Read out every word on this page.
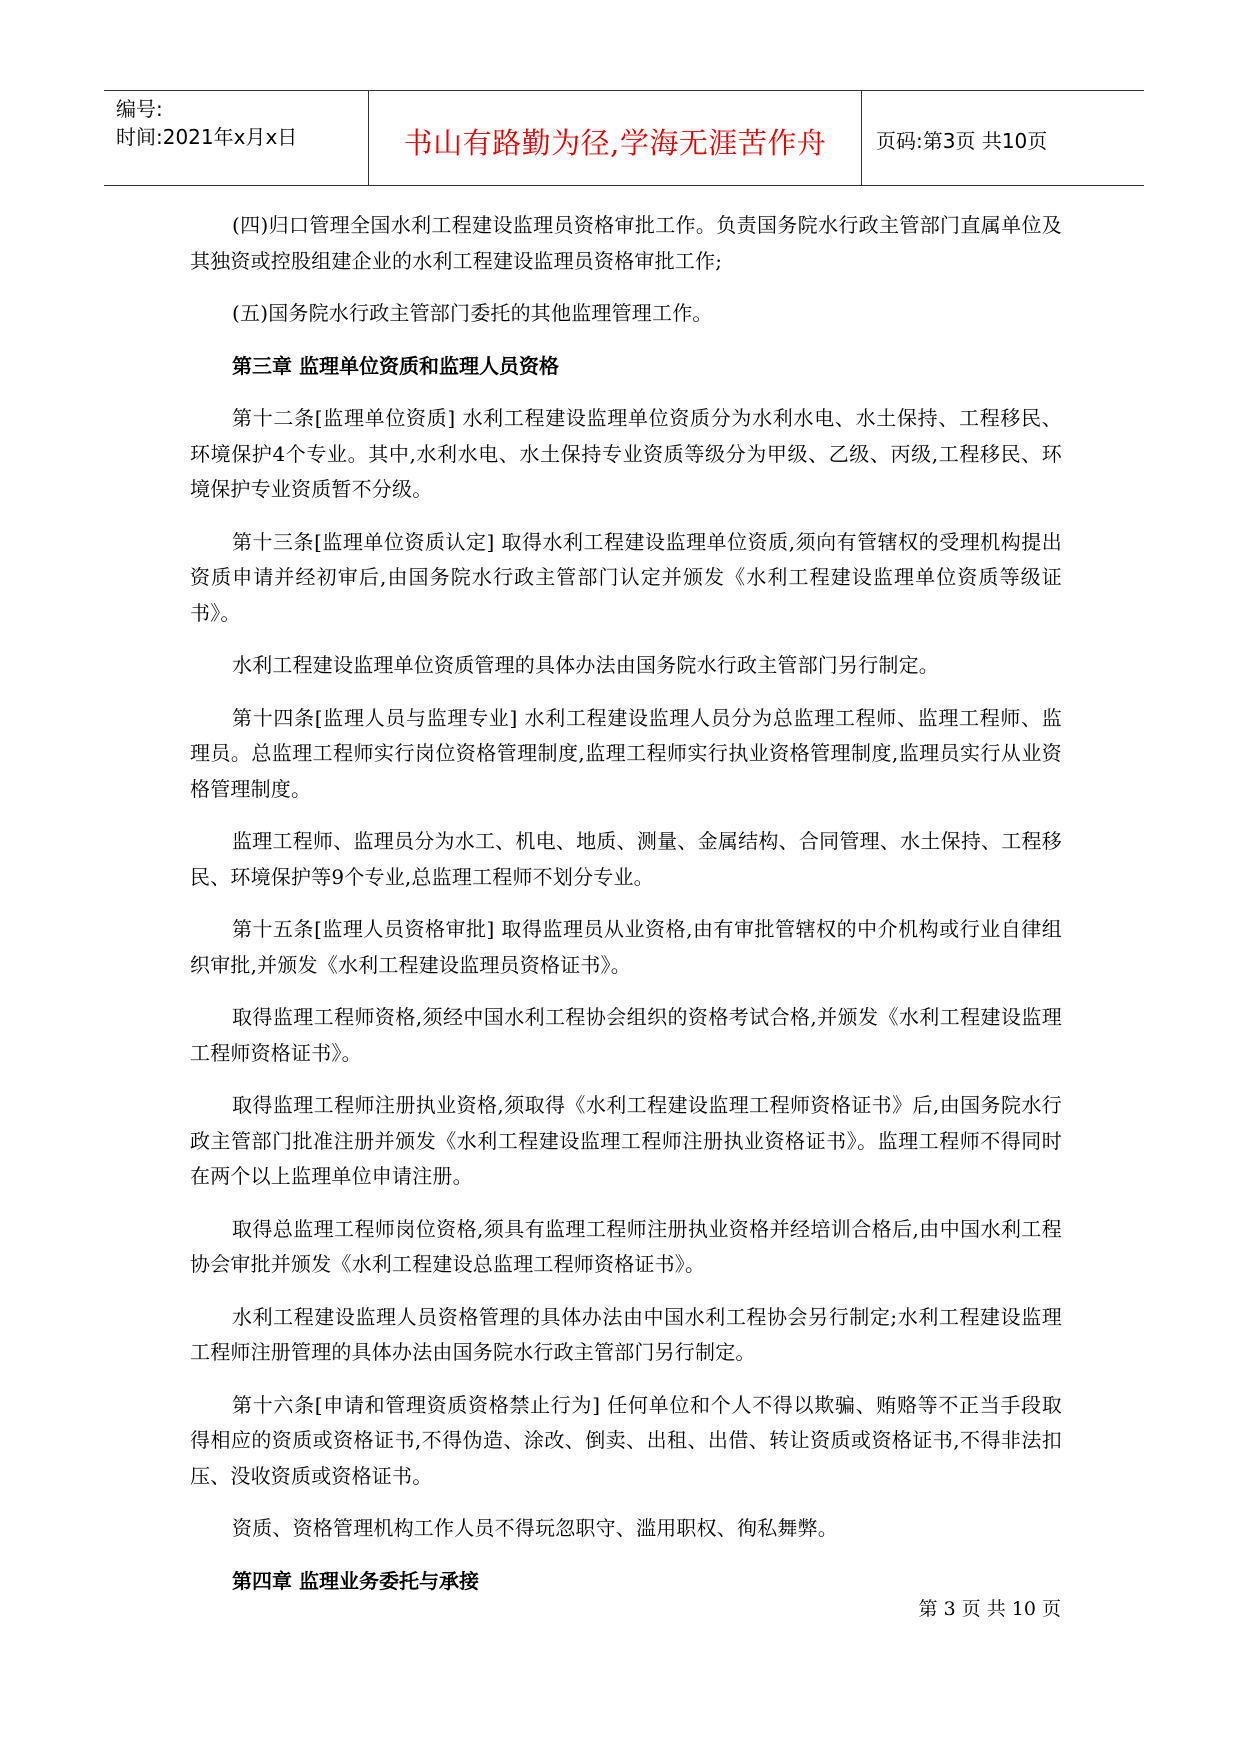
编号:
时间:2021年x月x日	书山有路勤为径,学海无涯苦作舟	页码:第3页 共10页

(四)归口管理全国水利工程建设监理员资格审批工作。负责国务院水行政主管部门直属单位及其独资或控股组建企业的水利工程建设监理员资格审批工作;

(五)国务院水行政主管部门委托的其他监理管理工作。

第三章 监理单位资质和监理人员资格

第十二条[监理单位资质] 水利工程建设监理单位资质分为水利水电、水土保持、工程移民、环境保护4个专业。其中,水利水电、水土保持专业资质等级分为甲级、乙级、丙级,工程移民、环境保护专业资质暂不分级。

第十三条[监理单位资质认定] 取得水利工程建设监理单位资质,须向有管辖权的受理机构提出资质申请并经初审后,由国务院水行政主管部门认定并颁发《水利工程建设监理单位资质等级证书》。

水利工程建设监理单位资质管理的具体办法由国务院水行政主管部门另行制定。

第十四条[监理人员与监理专业] 水利工程建设监理人员分为总监理工程师、监理工程师、监理员。总监理工程师实行岗位资格管理制度,监理工程师实行执业资格管理制度,监理员实行从业资格管理制度。

监理工程师、监理员分为水工、机电、地质、测量、金属结构、合同管理、水土保持、工程移民、环境保护等9个专业,总监理工程师不划分专业。

第十五条[监理人员资格审批] 取得监理员从业资格,由有审批管辖权的中介机构或行业自律组织审批,并颁发《水利工程建设监理员资格证书》。

取得监理工程师资格,须经中国水利工程协会组织的资格考试合格,并颁发《水利工程建设监理工程师资格证书》。

取得监理工程师注册执业资格,须取得《水利工程建设监理工程师资格证书》后,由国务院水行政主管部门批准注册并颁发《水利工程建设监理工程师注册执业资格证书》。监理工程师不得同时在两个以上监理单位申请注册。

取得总监理工程师岗位资格,须具有监理工程师注册执业资格并经培训合格后,由中国水利工程协会审批并颁发《水利工程建设总监理工程师资格证书》。

水利工程建设监理人员资格管理的具体办法由中国水利工程协会另行制定;水利工程建设监理工程师注册管理的具体办法由国务院水行政主管部门另行制定。

第十六条[申请和管理资质资格禁止行为] 任何单位和个人不得以欺骗、贿赂等不正当手段取得相应的资质或资格证书,不得伪造、涂改、倒卖、出租、出借、转让资质或资格证书,不得非法扣压、没收资质或资格证书。

资质、资格管理机构工作人员不得玩忽职守、滥用职权、徇私舞弊。

第四章 监理业务委托与承接

第 3 页 共 10 页
